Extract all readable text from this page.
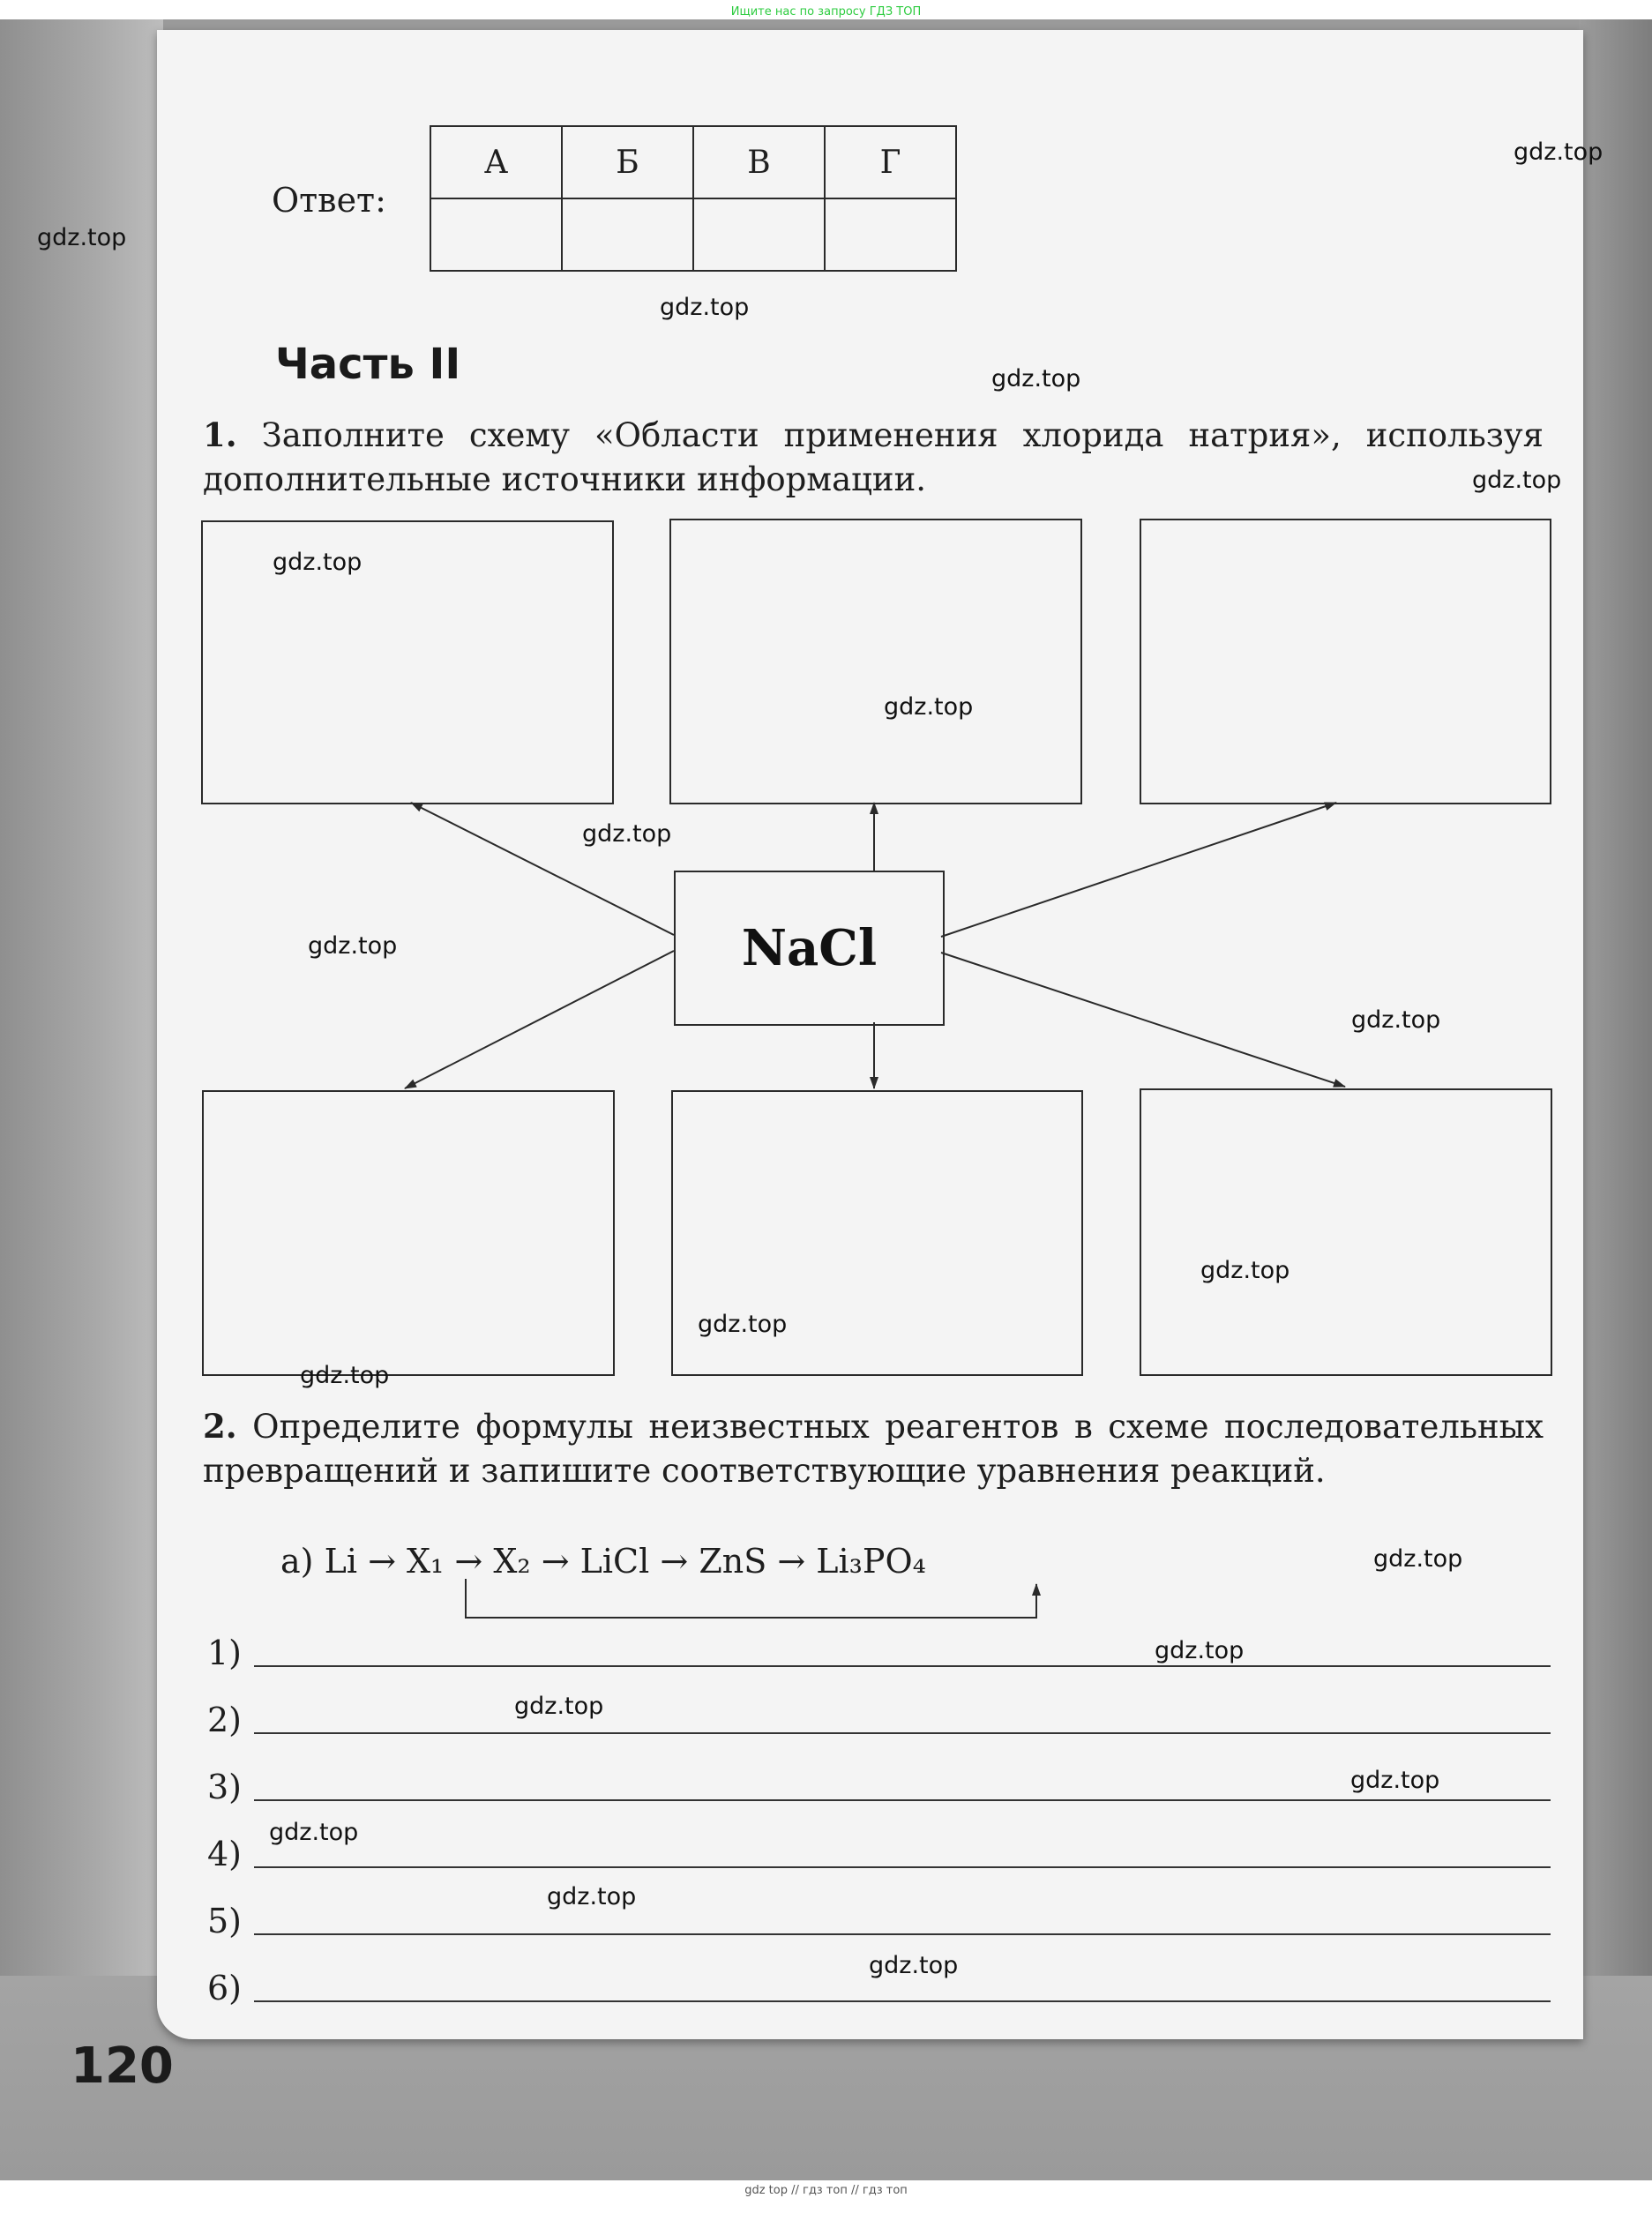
Ищите нас по запросу ГДЗ ТОП
Ответ:
А	Б	В	Г

Часть II
1. Заполните схему «Области применения хлорида натрия», используя дополнительные источники информации.
NaCl
2. Определите формулы неизвестных реагентов в схеме последовательных превращений и запишите соответствующие уравнения реакций.
а) Li → X₁ → X₂ → LiCl → ZnS → Li₃PO₄
1)
2)
3)
4)
5)
6)
120
gdz.top
gdz.top
gdz.top
gdz.top
gdz.top
gdz.top
gdz.top
gdz.top
gdz.top
gdz.top
gdz.top
gdz.top
gdz.top
gdz.top
gdz.top
gdz.top
gdz.top
gdz.top
gdz.top
gdz.top
gdz top // гдз топ // гдз топ
